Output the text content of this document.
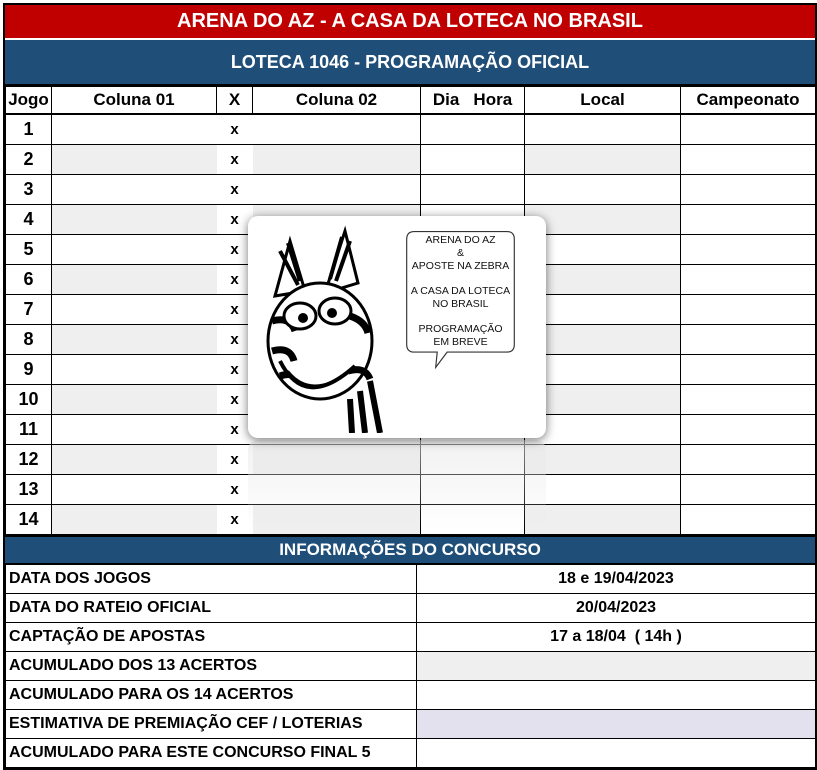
ARENA DO AZ - A CASA DA LOTECA NO BRASIL
LOTECA 1046 - PROGRAMAÇÃO OFICIAL
Jogo	Coluna 01	X	Coluna 02	Dia   Hora	Local	Campeonato
1		x				
2		x				
3		x				
4		x				
5		x				
6		x				
7		x				
8		x				
9		x				
10		x				
11		x				
12		x				
13		x				
14		x				
INFORMAÇÕES DO CONCURSO
DATA DOS JOGOS	18 e 19/04/2023
DATA DO RATEIO OFICIAL	20/04/2023
CAPTAÇÃO DE APOSTAS	17 a 18/04  ( 14h )
ACUMULADO DOS 13 ACERTOS	
ACUMULADO PARA OS 14 ACERTOS	
ESTIMATIVA DE PREMIAÇÃO CEF / LOTERIAS	
ACUMULADO PARA ESTE CONCURSO FINAL 5	
ARENA DO AZ
&

APOSTE NA ZEBRA

A CASA DA LOTECA

NO BRASIL

PROGRAMAÇÃO
EM BREVE
